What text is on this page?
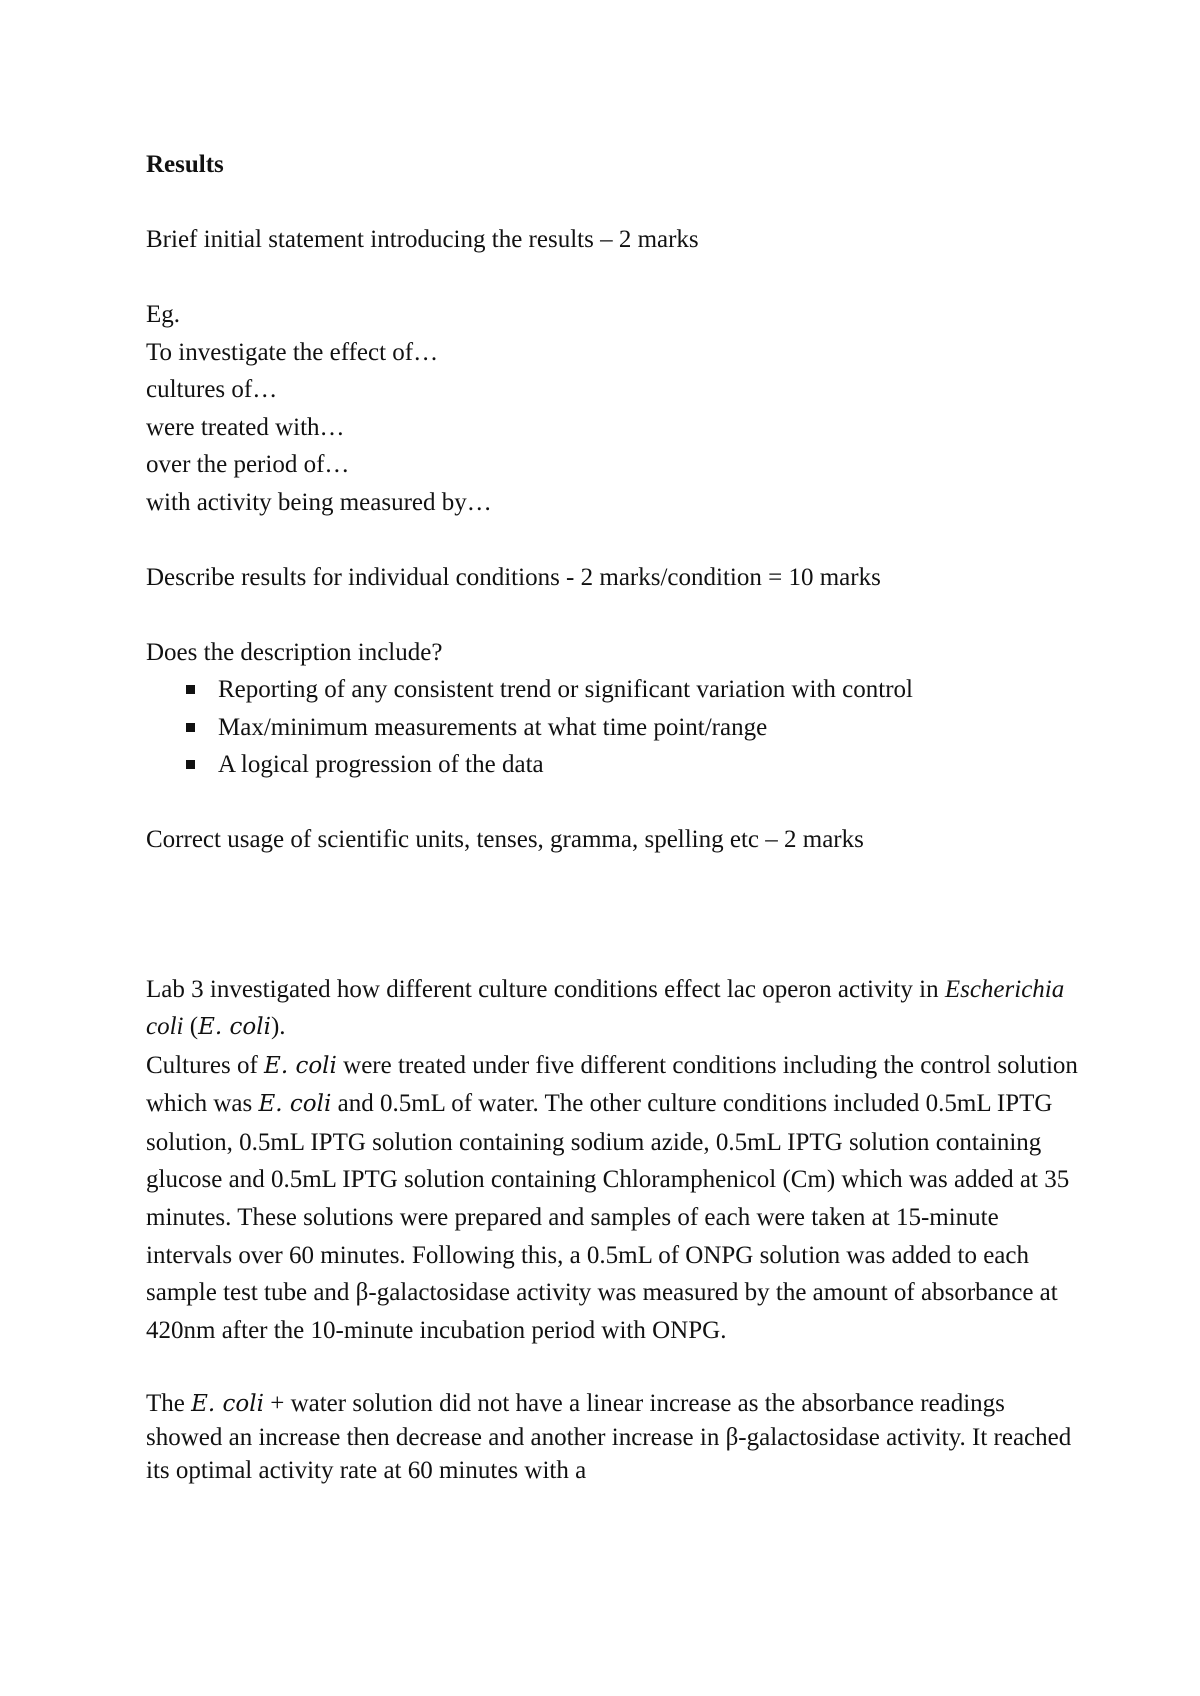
Results

Brief initial statement introducing the results – 2 marks

Eg.

To investigate the effect of…

cultures of…

were treated with…

over the period of…

with activity being measured by…

Describe results for individual conditions - 2 marks/condition = 10 marks

Does the description include?

Reporting of any consistent trend or significant variation with control
Max/minimum measurements at what time point/range
A logical progression of the data

Correct usage of scientific units, tenses, gramma, spelling etc – 2 marks

Lab 3 investigated how different culture conditions effect lac operon activity in Escherichia coli (E. coli).
Cultures of E. coli were treated under five different conditions including the control solution which was E. coli and 0.5mL of water. The other culture conditions included 0.5mL IPTG solution, 0.5mL IPTG solution containing sodium azide, 0.5mL IPTG solution containing glucose and 0.5mL IPTG solution containing Chloramphenicol (Cm) which was added at 35 minutes. These solutions were prepared and samples of each were taken at 15-minute intervals over 60 minutes. Following this, a 0.5mL of ONPG solution was added to each sample test tube and β-galactosidase activity was measured by the amount of absorbance at 420nm after the 10-minute incubation period with ONPG.

The E. coli + water solution did not have a linear increase as the absorbance readings showed an increase then decrease and another increase in β-galactosidase activity. It reached its optimal activity rate at 60 minutes with a
